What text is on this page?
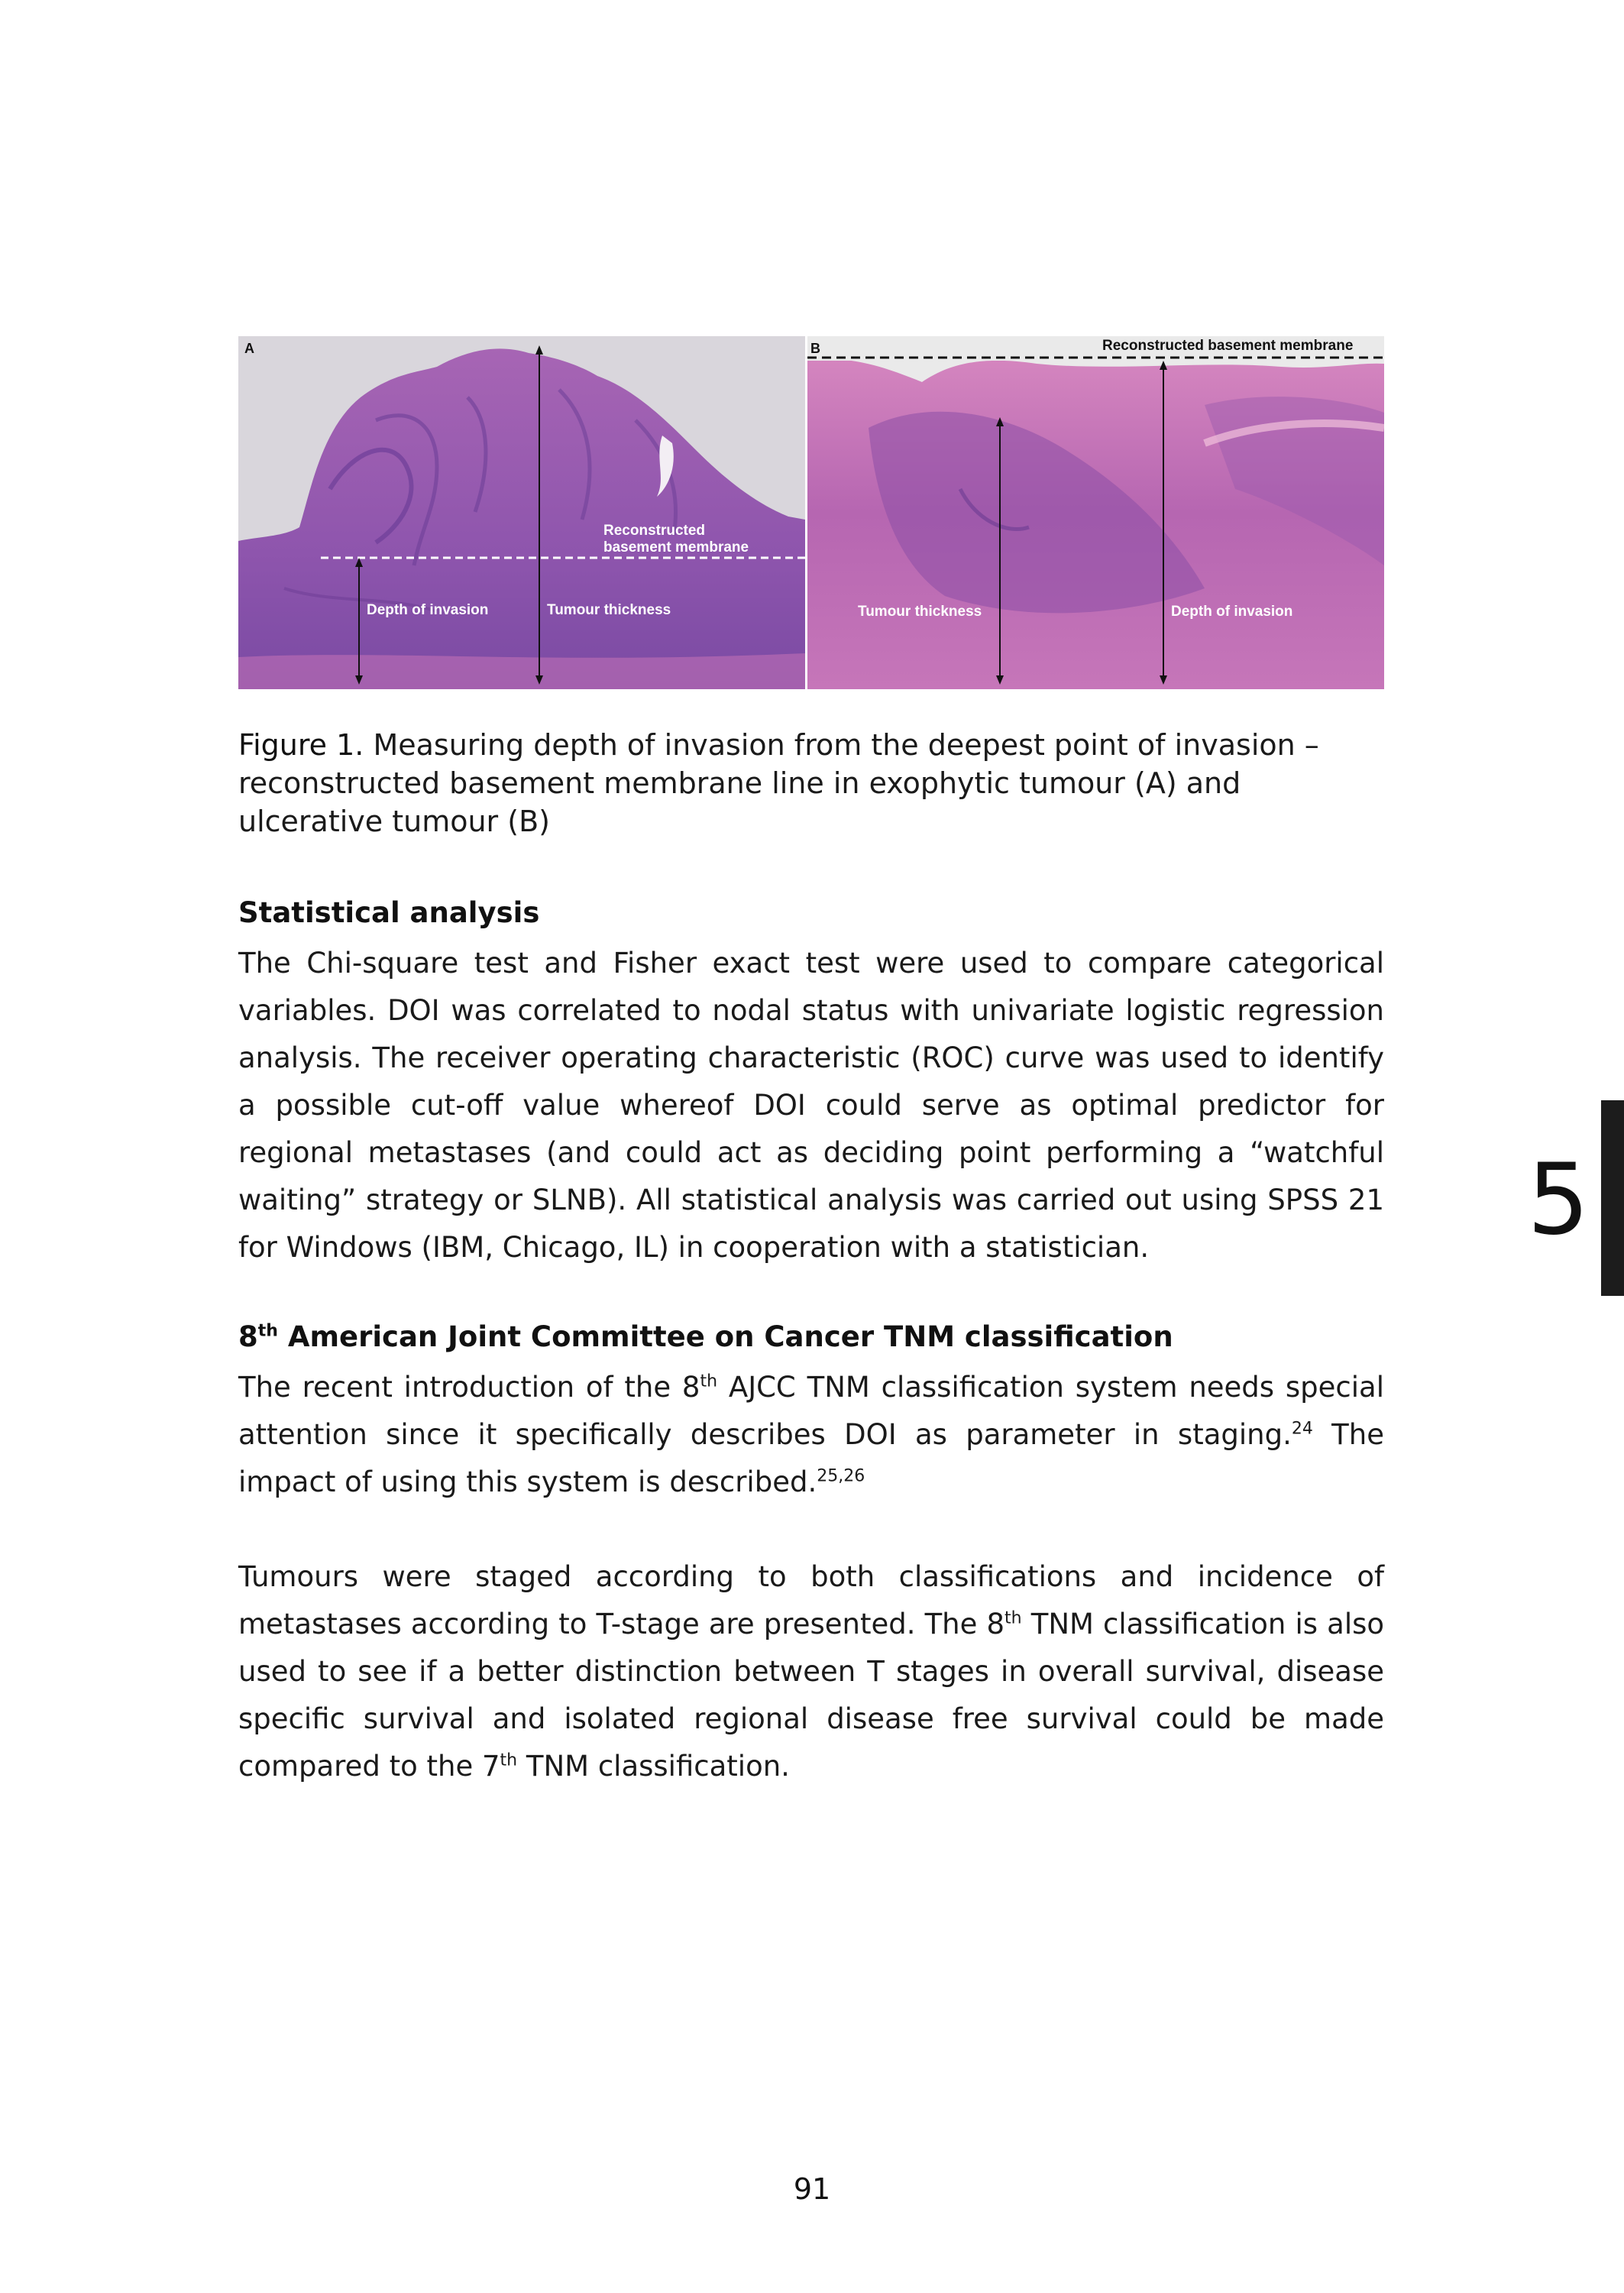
A
Reconstructed
basement membrane
Depth of invasion	Tumour thickness
B	Reconstructed basement membrane
Tumour thickness	Depth of invasion
Figure 1. Measuring depth of invasion from the deepest point of invasion – reconstructed basement membrane line in exophytic tumour (A) and ulcerative tumour (B)
Statistical analysis

The Chi-square test and Fisher exact test were used to compare categorical variables. DOI was correlated to nodal status with univariate logistic regression analysis. The receiver operating characteristic (ROC) curve was used to identify a possible cut-off value whereof DOI could serve as optimal predictor for regional metastases (and could act as deciding point performing a “watchful waiting” strategy or SLNB). All statistical analysis was carried out using SPSS 21 for Windows (IBM, Chicago, IL) in cooperation with a statistician.

8th American Joint Committee on Cancer TNM classification

The recent introduction of the 8th AJCC TNM classification system needs special attention since it specifically describes DOI as parameter in staging.$^{24}$ The impact of using this system is described.$^{25,26}$

Tumours were staged according to both classifications and incidence of metastases according to T-stage are presented. The 8th TNM classification is also used to see if a better distinction between T stages in overall survival, disease specific survival and isolated regional disease free survival could be made compared to the 7th TNM classification.

5
91
